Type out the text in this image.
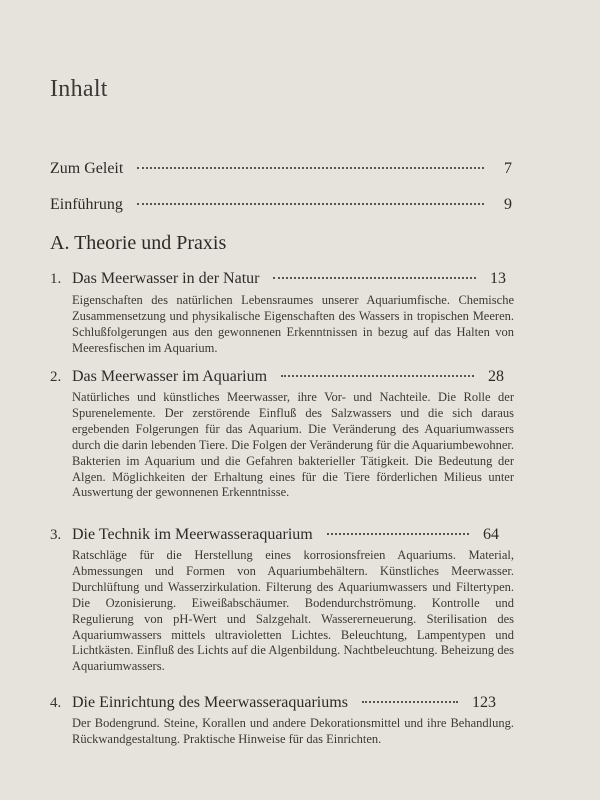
Inhalt
Zum Geleit	7
Einführung	9
A. Theorie und Praxis
1. Das Meerwasser in der Natur	13
Eigenschaften des natürlichen Lebensraumes unserer Aquariumfische. Chemische Zusammensetzung und physikalische Eigenschaften des Wassers in tropischen Meeren. Schlußfolgerungen aus den gewonnenen Erkenntnissen in bezug auf das Halten von Meeresfischen im Aquarium.
2. Das Meerwasser im Aquarium	28
Natürliches und künstliches Meerwasser, ihre Vor- und Nachteile. Die Rolle der Spurenelemente. Der zerstörende Einfluß des Salzwassers und die sich daraus ergebenden Folgerungen für das Aquarium. Die Veränderung des Aquariumwassers durch die darin lebenden Tiere. Die Folgen der Veränderung für die Aquariumbewohner. Bakterien im Aquarium und die Gefahren bakterieller Tätigkeit. Die Bedeutung der Algen. Möglichkeiten der Erhaltung eines für die Tiere förderlichen Milieus unter Auswertung der gewonnenen Erkenntnisse.
3. Die Technik im Meerwasseraquarium	64
Ratschläge für die Herstellung eines korrosionsfreien Aquariums. Material, Abmessungen und Formen von Aquariumbehältern. Künstliches Meerwasser. Durchlüftung und Wasserzirkulation. Filterung des Aquariumwassers und Filtertypen. Die Ozonisierung. Eiweißabschäumer. Bodendurchströmung. Kontrolle und Regulierung von pH-Wert und Salzgehalt. Wassererneuerung. Sterilisation des Aquariumwassers mittels ultravioletten Lichtes. Beleuchtung, Lampentypen und Lichtkästen. Einfluß des Lichts auf die Algenbildung. Nachtbeleuchtung. Beheizung des Aquariumwassers.
4. Die Einrichtung des Meerwasseraquariums	123
Der Bodengrund. Steine, Korallen und andere Dekorationsmittel und ihre Behandlung. Rückwandgestaltung. Praktische Hinweise für das Einrichten.
